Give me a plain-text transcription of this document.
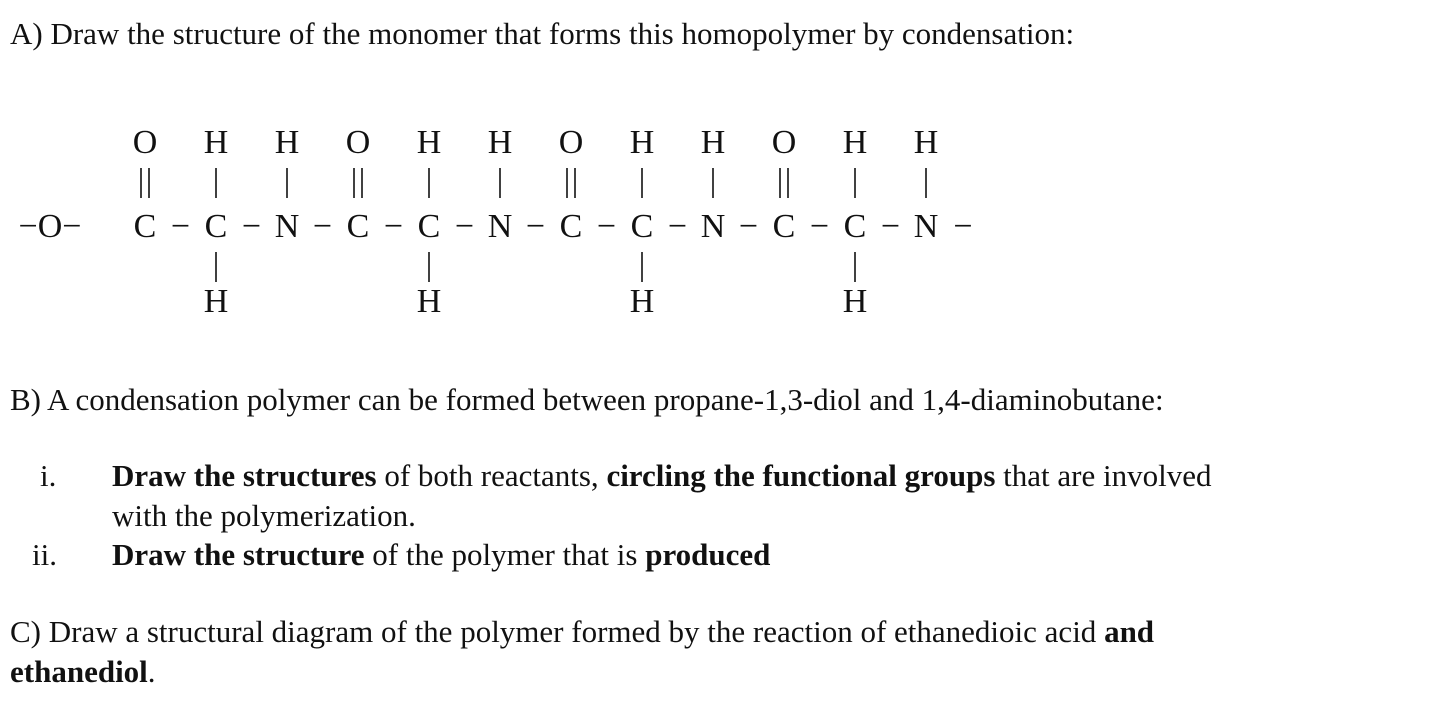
A) Draw the structure of the monomer that forms this homopolymer by condensation:
−O−
O
C −
H
C
H
−
H
N −
O
C −
H
C
H
−
H
N −
O
C −
H
C
H
−
H
N −
O
C −
H
C
H
−
H
N −
B) A condensation polymer can be formed between propane-1,3-diol and 1,4-diaminobutane:
i. Draw the structures of both reactants, circling the functional groups that are involved
with the polymerization.
ii. Draw the structure of the polymer that is produced
C) Draw a structural diagram of the polymer formed by the reaction of ethanedioic acid and
ethanediol.
